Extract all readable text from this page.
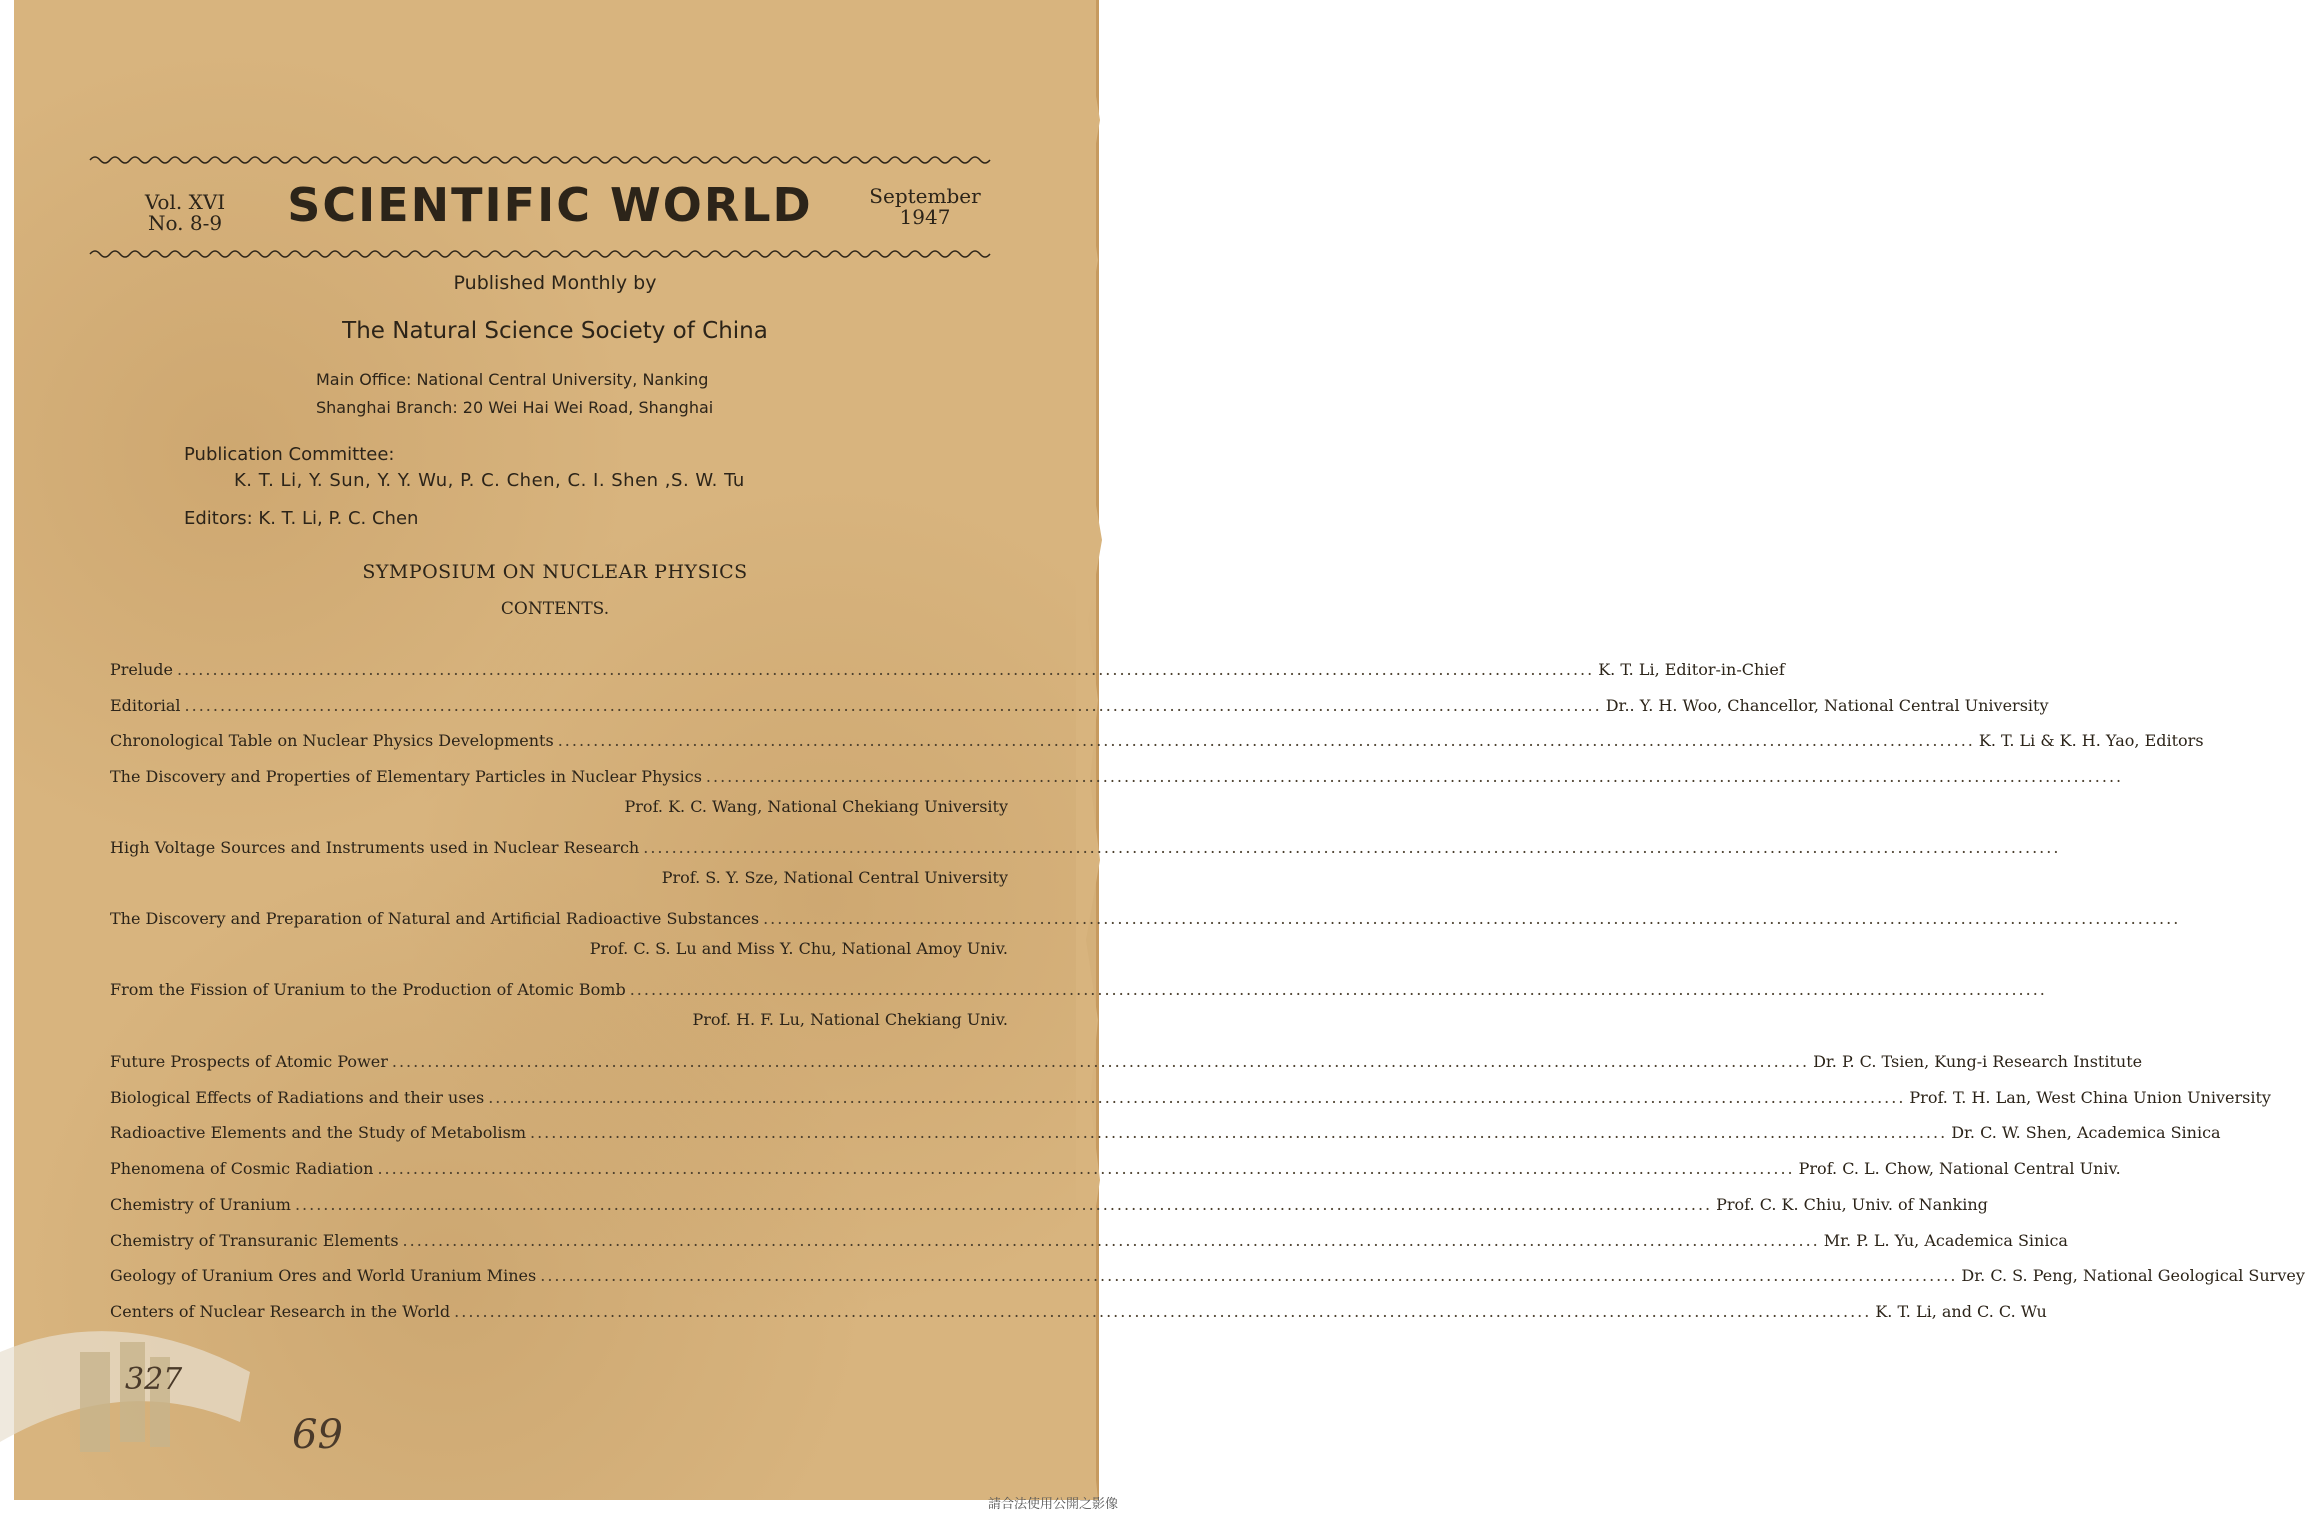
Vol. XVI
No. 8-9	SCIENTIFIC WORLD	September
1947
Published Monthly by
The Natural Science Society of China
Main Office: National Central University, Nanking
Shanghai Branch: 20 Wei Hai Wei Road, Shanghai
Publication Committee:
K. T. Li, Y. Sun, Y. Y. Wu, P. C. Chen, C. I. Shen ,S. W. Tu
Editors: K. T. Li, P. C. Chen
SYMPOSIUM ON NUCLEAR PHYSICS
CONTENTS.
Prelude ........................................................................................................................................................................................................ K. T. Li, Editor-in-Chief
Editorial ........................................................................................................................................................................................................ Dr.. Y. H. Woo, Chancellor, National Central University
Chronological Table on Nuclear Physics Developments ........................................................................................................................................................................................................ K. T. Li & K. H. Yao, Editors
The Discovery and Properties of Elementary Particles in Nuclear Physics ........................................................................................................................................................................................................
Prof. K. C. Wang, National Chekiang University
High Voltage Sources and Instruments used in Nuclear Research ........................................................................................................................................................................................................
Prof. S. Y. Sze, National Central University
The Discovery and Preparation of Natural and Artificial Radioactive Substances ........................................................................................................................................................................................................
Prof. C. S. Lu and Miss Y. Chu, National Amoy Univ.
From the Fission of Uranium to the Production of Atomic Bomb ........................................................................................................................................................................................................
Prof. H. F. Lu, National Chekiang Univ.
Future Prospects of Atomic Power ........................................................................................................................................................................................................ Dr. P. C. Tsien, Kung-i Research Institute
Biological Effects of Radiations and their uses ........................................................................................................................................................................................................ Prof. T. H. Lan, West China Union University
Radioactive Elements and the Study of Metabolism ........................................................................................................................................................................................................ Dr. C. W. Shen, Academica Sinica
Phenomena of Cosmic Radiation ........................................................................................................................................................................................................ Prof. C. L. Chow, National Central Univ.
Chemistry of Uranium ........................................................................................................................................................................................................ Prof. C. K. Chiu, Univ. of Nanking
Chemistry of Transuranic Elements ........................................................................................................................................................................................................ Mr. P. L. Yu, Academica Sinica
Geology of Uranium Ores and World Uranium Mines ........................................................................................................................................................................................................ Dr. C. S. Peng, National Geological Survey
Centers of Nuclear Research in the World ........................................................................................................................................................................................................ K. T. Li, and C. C. Wu
327
69
請合法使用公開之影像
